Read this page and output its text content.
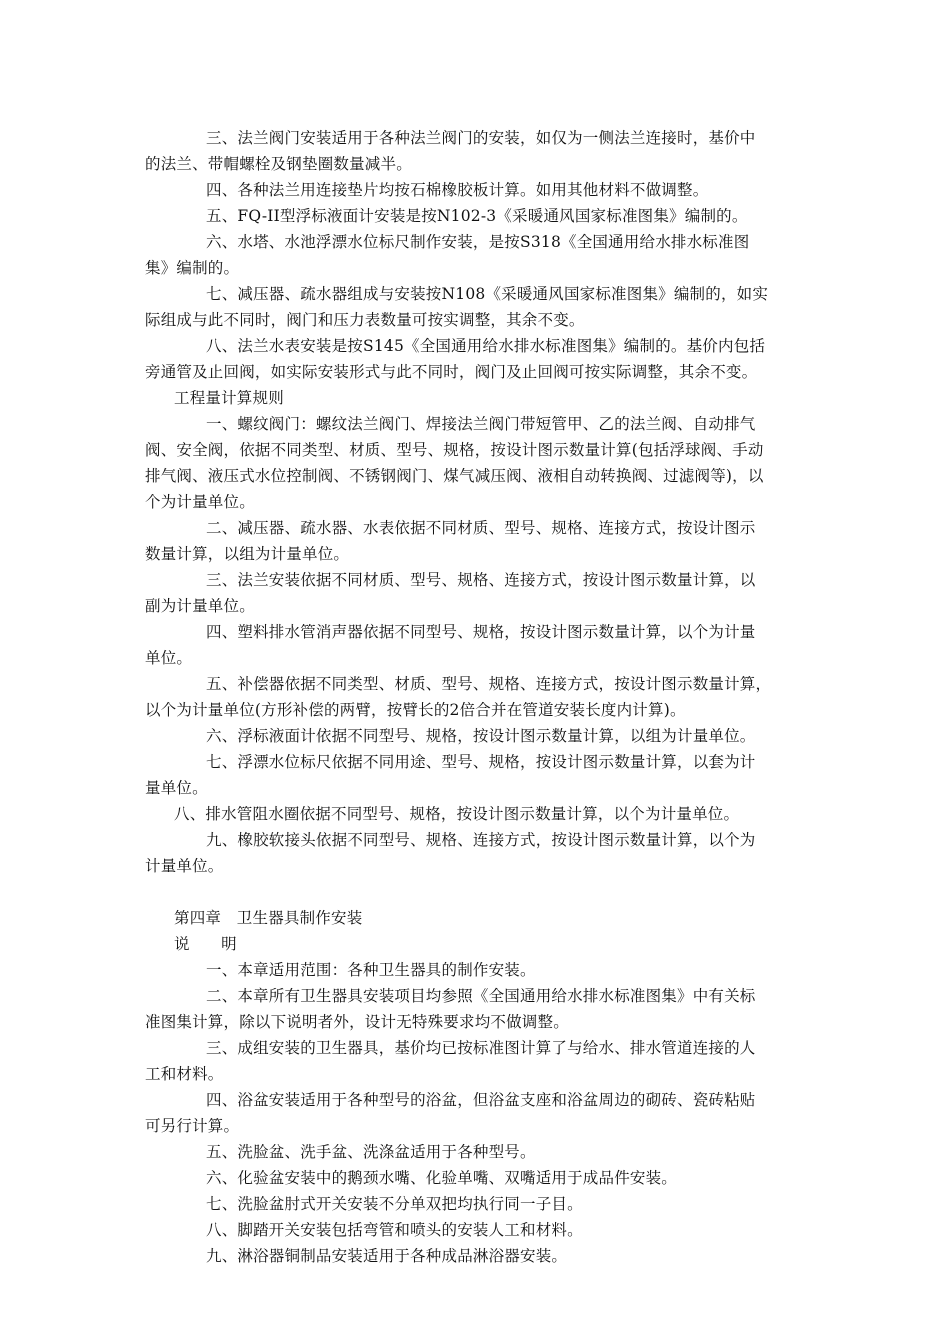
三、法兰阀门安装适用于各种法兰阀门的安装，如仅为一侧法兰连接时，基价中
的法兰、带帽螺栓及钢垫圈数量减半。
四、各种法兰用连接垫片均按石棉橡胶板计算。如用其他材料不做调整。
五、FQ-II型浮标液面计安装是按N102-3《采暖通风国家标准图集》编制的。
六、水塔、水池浮漂水位标尺制作安装，是按S318《全国通用给水排水标准图
集》编制的。
七、减压器、疏水器组成与安装按N108《采暖通风国家标准图集》编制的，如实
际组成与此不同时，阀门和压力表数量可按实调整，其余不变。
八、法兰水表安装是按S145《全国通用给水排水标准图集》编制的。基价内包括
旁通管及止回阀，如实际安装形式与此不同时，阀门及止回阀可按实际调整，其余不变。
工程量计算规则
一、螺纹阀门：螺纹法兰阀门、焊接法兰阀门带短管甲、乙的法兰阀、自动排气
阀、安全阀，依据不同类型、材质、型号、规格，按设计图示数量计算(包括浮球阀、手动
排气阀、液压式水位控制阀、不锈钢阀门、煤气减压阀、液相自动转换阀、过滤阀等)，以
个为计量单位。
二、减压器、疏水器、水表依据不同材质、型号、规格、连接方式，按设计图示
数量计算，以组为计量单位。
三、法兰安装依据不同材质、型号、规格、连接方式，按设计图示数量计算，以
副为计量单位。
四、塑料排水管消声器依据不同型号、规格，按设计图示数量计算，以个为计量
单位。
五、补偿器依据不同类型、材质、型号、规格、连接方式，按设计图示数量计算，
以个为计量单位(方形补偿的两臂，按臂长的2倍合并在管道安装长度内计算)。
六、浮标液面计依据不同型号、规格，按设计图示数量计算，以组为计量单位。
七、浮漂水位标尺依据不同用途、型号、规格，按设计图示数量计算，以套为计
量单位。
八、排水管阻水圈依据不同型号、规格，按设计图示数量计算，以个为计量单位。
九、橡胶软接头依据不同型号、规格、连接方式，按设计图示数量计算，以个为
计量单位。
第四章　卫生器具制作安装
说　　明
一、本章适用范围：各种卫生器具的制作安装。
二、本章所有卫生器具安装项目均参照《全国通用给水排水标准图集》中有关标
准图集计算，除以下说明者外，设计无特殊要求均不做调整。
三、成组安装的卫生器具，基价均已按标准图计算了与给水、排水管道连接的人
工和材料。
四、浴盆安装适用于各种型号的浴盆，但浴盆支座和浴盆周边的砌砖、瓷砖粘贴
可另行计算。
五、洗脸盆、洗手盆、洗涤盆适用于各种型号。
六、化验盆安装中的鹅颈水嘴、化验单嘴、双嘴适用于成品件安装。
七、洗脸盆肘式开关安装不分单双把均执行同一子目。
八、脚踏开关安装包括弯管和喷头的安装人工和材料。
九、淋浴器铜制品安装适用于各种成品淋浴器安装。
